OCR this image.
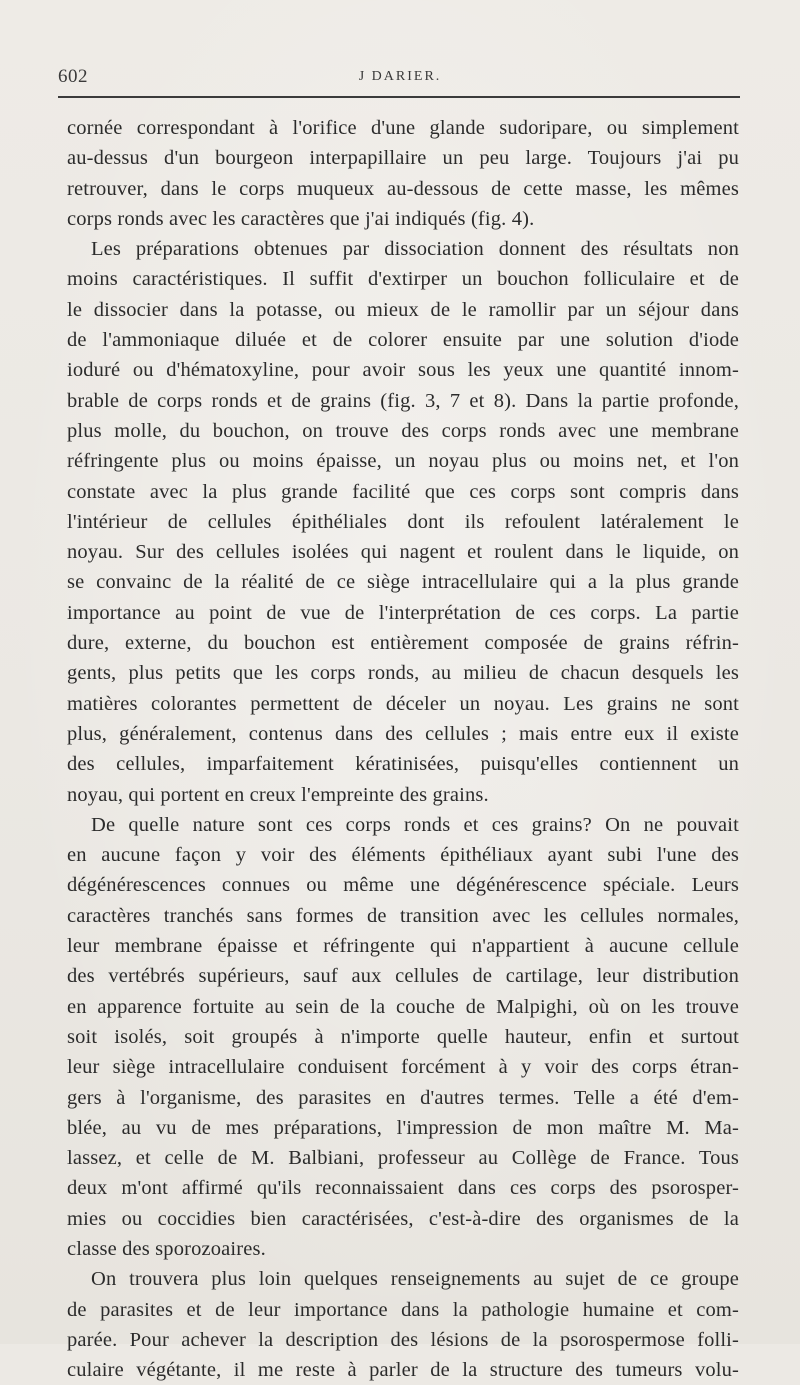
602	J DARIER.
cornée correspondant à l'orifice d'une glande sudoripare, ou simplement
au-dessus d'un bourgeon interpapillaire un peu large. Toujours j'ai pu
retrouver, dans le corps muqueux au-dessous de cette masse, les mêmes
corps ronds avec les caractères que j'ai indiqués (fig. 4).
Les préparations obtenues par dissociation donnent des résultats non
moins caractéristiques. Il suffit d'extirper un bouchon folliculaire et de
le dissocier dans la potasse, ou mieux de le ramollir par un séjour dans
de l'ammoniaque diluée et de colorer ensuite par une solution d'iode
ioduré ou d'hématoxyline, pour avoir sous les yeux une quantité innom-
brable de corps ronds et de grains (fig. 3, 7 et 8). Dans la partie profonde,
plus molle, du bouchon, on trouve des corps ronds avec une membrane
réfringente plus ou moins épaisse, un noyau plus ou moins net, et l'on
constate avec la plus grande facilité que ces corps sont compris dans
l'intérieur de cellules épithéliales dont ils refoulent latéralement le
noyau. Sur des cellules isolées qui nagent et roulent dans le liquide, on
se convainc de la réalité de ce siège intracellulaire qui a la plus grande
importance au point de vue de l'interprétation de ces corps. La partie
dure, externe, du bouchon est entièrement composée de grains réfrin-
gents, plus petits que les corps ronds, au milieu de chacun desquels les
matières colorantes permettent de déceler un noyau. Les grains ne sont
plus, généralement, contenus dans des cellules ; mais entre eux il existe
des cellules, imparfaitement kératinisées, puisqu'elles contiennent un
noyau, qui portent en creux l'empreinte des grains.
De quelle nature sont ces corps ronds et ces grains? On ne pouvait
en aucune façon y voir des éléments épithéliaux ayant subi l'une des
dégénérescences connues ou même une dégénérescence spéciale. Leurs
caractères tranchés sans formes de transition avec les cellules normales,
leur membrane épaisse et réfringente qui n'appartient à aucune cellule
des vertébrés supérieurs, sauf aux cellules de cartilage, leur distribution
en apparence fortuite au sein de la couche de Malpighi, où on les trouve
soit isolés, soit groupés à n'importe quelle hauteur, enfin et surtout
leur siège intracellulaire conduisent forcément à y voir des corps étran-
gers à l'organisme, des parasites en d'autres termes. Telle a été d'em-
blée, au vu de mes préparations, l'impression de mon maître M. Ma-
lassez, et celle de M. Balbiani, professeur au Collège de France. Tous
deux m'ont affirmé qu'ils reconnaissaient dans ces corps des psorosper-
mies ou coccidies bien caractérisées, c'est-à-dire des organismes de la
classe des sporozoaires.
On trouvera plus loin quelques renseignements au sujet de ce groupe
de parasites et de leur importance dans la pathologie humaine et com-
parée. Pour achever la description des lésions de la psorospermose folli-
culaire végétante, il me reste à parler de la structure des tumeurs volu-
